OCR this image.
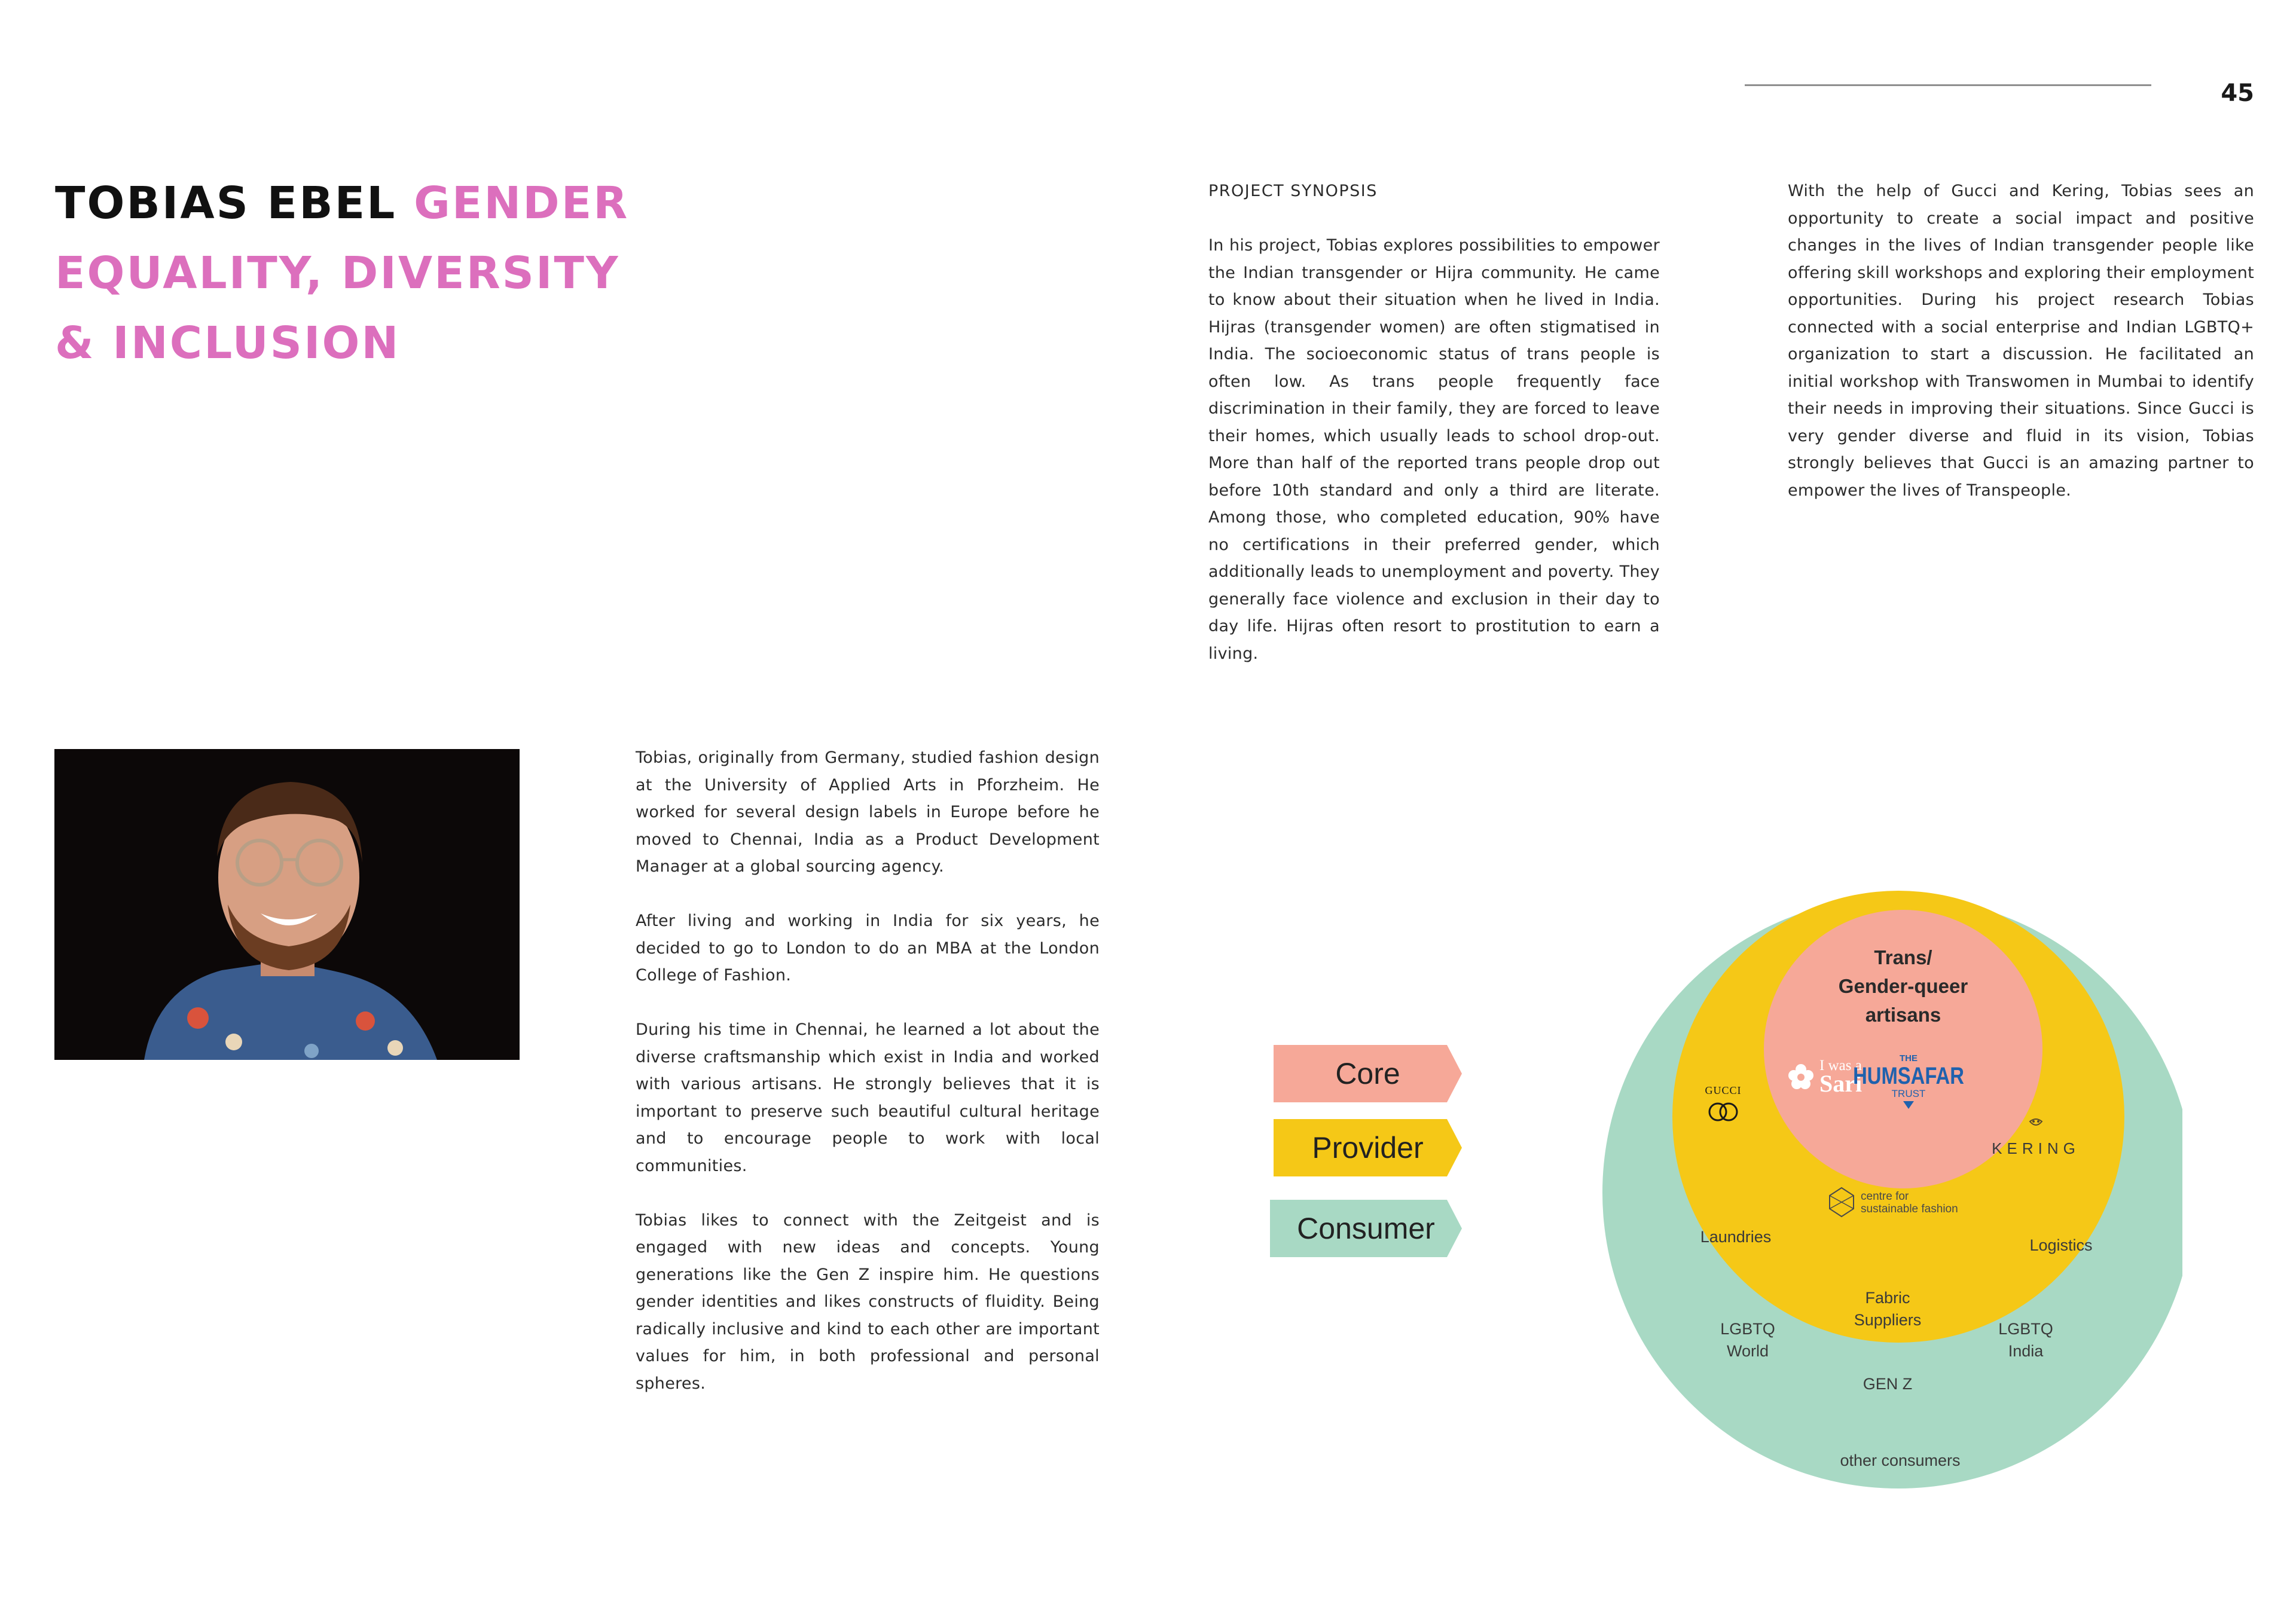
45
TOBIAS EBEL GENDER EQUALITY, DIVERSITY & INCLUSION

PROJECT SYNOPSIS

In his project, Tobias explores possibilities to empower the Indian transgender or Hijra community. He came to know about their situation when he lived in India. Hijras (transgender women) are often stigmatised in India. The socioeconomic status of trans people is often low. As trans people frequently face discrimination in their family, they are forced to leave their homes, which usually leads to school drop-out. More than half of the reported trans people drop out before 10th standard and only a third are literate. Among those, who completed education, 90% have no certifications in their preferred gender, which additionally leads to unemployment and poverty. They generally face violence and exclusion in their day to day life. Hijras often resort to prostitution to earn a living.

With the help of Gucci and Kering, Tobias sees an opportunity to create a social impact and positive changes in the lives of Indian transgender people like offering skill workshops and exploring their employment opportunities. During his project research Tobias connected with a social enterprise and Indian LGBTQ+ organization to start a discussion. He facilitated an initial workshop with Transwomen in Mumbai to identify their needs in improving their situations. Since Gucci is very gender diverse and fluid in its vision, Tobias strongly believes that Gucci is an amazing partner to empower the lives of Transpeople.

Tobias, originally from Germany, studied fashion design at the University of Applied Arts in Pforzheim. He worked for several design labels in Europe before he moved to Chennai, India as a Product Development Manager at a global sourcing agency.

After living and working in India for six years, he decided to go to London to do an MBA at the London College of Fashion.

During his time in Chennai, he learned a lot about the diverse craftsmanship which exist in India and worked with various artisans. He strongly believes that it is important to preserve such beautiful cultural heritage and to encourage people to work with local communities.

Tobias likes to connect with the Zeitgeist and is engaged with new ideas and concepts. Young generations like the Gen Z inspire him. He questions gender identities and likes constructs of fluidity. Being radically inclusive and kind to each other are important values for him, in both professional and personal spheres.

Core
Provider
Consumer
Trans/
Gender-queer
artisans
I was a
Sari
THE
HUMSAFAR
TRUST
GUCCI
KERING
centre for
sustainable fashion
Laundries	Logistics
Fabric
Suppliers
LGBTQ
World
LGBTQ
India
GEN Z
other consumers
